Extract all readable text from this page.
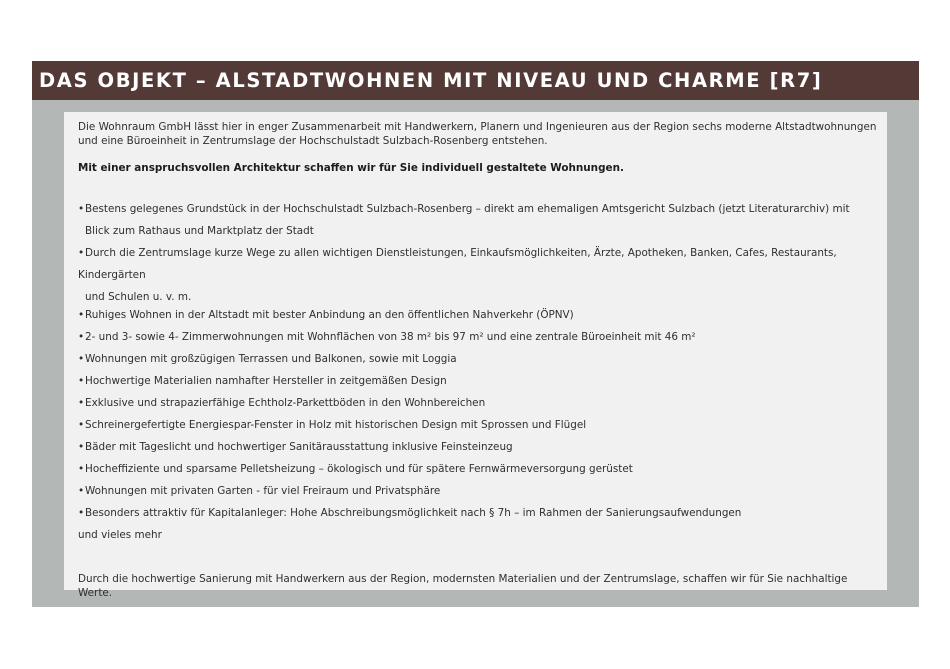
DAS OBJEKT – ALSTADTWOHNEN MIT NIVEAU UND CHARME [R7]

Die Wohnraum GmbH lässt hier in enger Zusammenarbeit mit Handwerkern, Planern und Ingenieuren aus der Region sechs moderne Altstadtwohnungen und eine Büroeinheit in Zentrumslage der Hochschulstadt Sulzbach-Rosenberg entstehen.

Mit einer anspruchsvollen Architektur schaffen wir für Sie individuell gestaltete Wohnungen.

•Bestens gelegenes Grundstück in der Hochschulstadt Sulzbach-Rosenberg – direkt am ehemaligen Amtsgericht Sulzbach (jetzt Literaturarchiv) mit
Blick zum Rathaus und Marktplatz der Stadt
•Durch die Zentrumslage kurze Wege zu allen wichtigen Dienstleistungen, Einkaufsmöglichkeiten, Ärzte, Apotheken, Banken, Cafes, Restaurants, Kindergärten
und Schulen u. v. m.
•Ruhiges Wohnen in der Altstadt mit bester Anbindung an den öffentlichen Nahverkehr (ÖPNV)
•2- und 3- sowie 4- Zimmerwohnungen mit Wohnflächen von 38 m² bis 97 m² und eine zentrale Büroeinheit mit 46 m²
•Wohnungen mit großzügigen Terrassen und Balkonen, sowie mit Loggia
•Hochwertige Materialien namhafter Hersteller in zeitgemäßen Design
•Exklusive und strapazierfähige Echtholz-Parkettböden in den Wohnbereichen
•Schreinergefertigte Energiespar-Fenster in Holz mit historischen Design mit Sprossen und Flügel
•Bäder mit Tageslicht und hochwertiger Sanitärausstattung inklusive Feinsteinzeug
•Hocheffiziente und sparsame Pelletsheizung – ökologisch und für spätere Fernwärmeversorgung gerüstet
•Wohnungen mit privaten Garten - für viel Freiraum und Privatsphäre
•Besonders attraktiv für Kapitalanleger: Hohe Abschreibungsmöglichkeit nach § 7h – im Rahmen der Sanierungsaufwendungen

und vieles mehr

Durch die hochwertige Sanierung mit Handwerkern aus der Region, modernsten Materialien und der Zentrumslage, schaffen wir für Sie nachhaltige Werte.
